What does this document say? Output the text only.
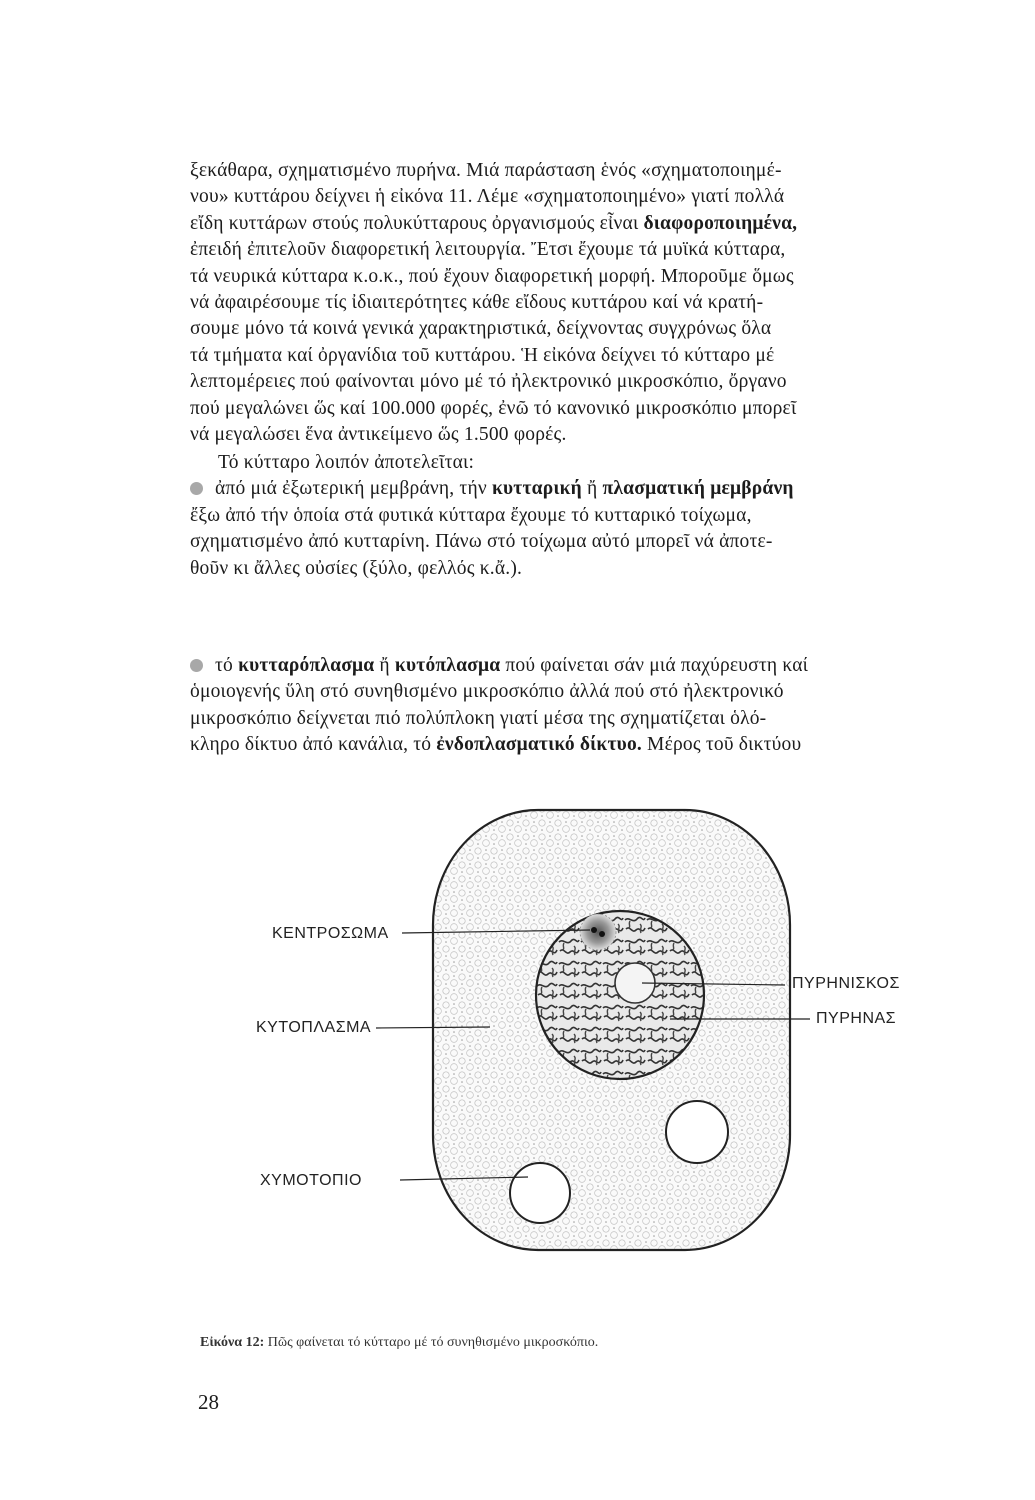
ξεκάθαρα, σχηματισμένο πυρήνα. Μιά παράσταση ἑνός «σχηματοποιημέ-
νου» κυττάρου δείχνει ἡ εἰκόνα 11. Λέμε «σχηματοποιημένο» γιατί πολλά
εἴδη κυττάρων στούς πολυκύτταρους ὀργανισμούς εἶναι διαφοροποιημένα,
ἐπειδή ἐπιτελοῦν διαφορετική λειτουργία. Ἔτσι ἔχουμε τά μυϊκά κύτταρα,
τά νευρικά κύτταρα κ.ο.κ., πού ἔχουν διαφορετική μορφή. Μποροῦμε ὅμως
νά ἀφαιρέσουμε τίς ἰδιαιτερότητες κάθε εἴδους κυττάρου καί νά κρατή-
σουμε μόνο τά κοινά γενικά χαρακτηριστικά, δείχνοντας συγχρόνως ὅλα
τά τμήματα καί ὀργανίδια τοῦ κυττάρου. Ἡ εἰκόνα δείχνει τό κύτταρο μέ
λεπτομέρειες πού φαίνονται μόνο μέ τό ἠλεκτρονικό μικροσκόπιο, ὄργανο
πού μεγαλώνει ὥς καί 100.000 φορές, ἐνῶ τό κανονικό μικροσκόπιο μπορεῖ
νά μεγαλώσει ἕνα ἀντικείμενο ὥς 1.500 φορές.
Τό κύτταρο λοιπόν ἀποτελεῖται:
ἀπό μιά ἐξωτερική μεμβράνη, τήν κυτταρική ἤ πλασματική μεμβράνη
ἔξω ἀπό τήν ὁποία στά φυτικά κύτταρα ἔχουμε τό κυτταρικό τοίχωμα,
σχηματισμένο ἀπό κυτταρίνη. Πάνω στό τοίχωμα αὐτό μπορεῖ νά ἀποτε-
θοῦν κι ἄλλες οὐσίες (ξύλο, φελλός κ.ἄ.).
τό κυτταρόπλασμα ἤ κυτόπλασμα πού φαίνεται σάν μιά παχύρευστη καί
ὁμοιογενής ὕλη στό συνηθισμένο μικροσκόπιο ἀλλά πού στό ἠλεκτρονικό
μικροσκόπιο δείχνεται πιό πολύπλοκη γιατί μέσα της σχηματίζεται ὁλό-
κληρο δίκτυο ἀπό κανάλια, τό ἐνδοπλασματικό δίκτυο. Μέρος τοῦ δικτύου
ΚΕΝΤΡΟΣΩΜΑ
ΚΥΤΟΠΛΑΣΜΑ
ΧΥΜΟΤΟΠΙΟ
ΠΥΡΗΝΙΣΚΟΣ
ΠΥΡΗΝΑΣ
Εἰκόνα 12: Πῶς φαίνεται τό κύτταρο μέ τό συνηθισμένο μικροσκόπιο.
28
